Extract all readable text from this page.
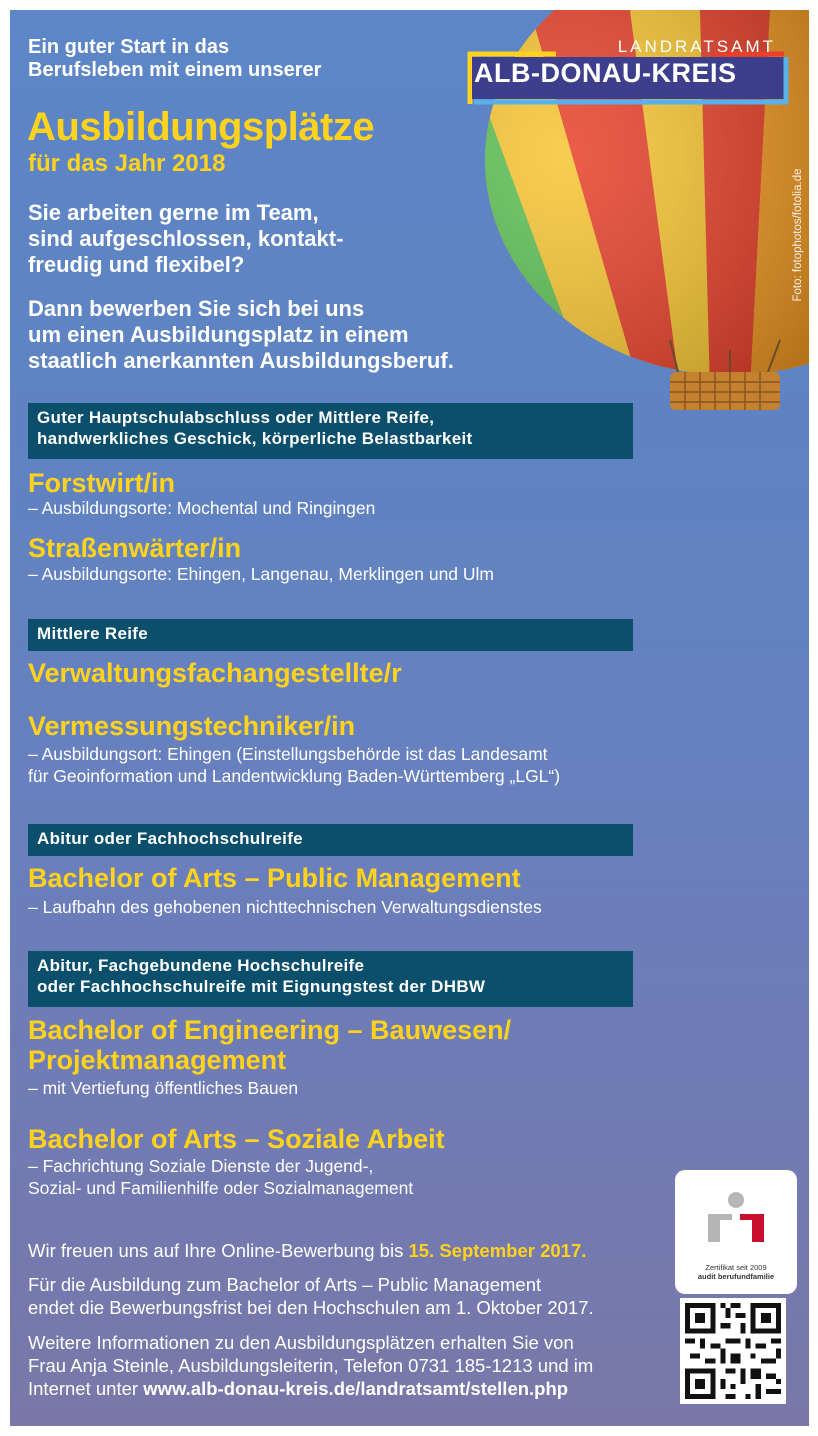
LANDRATSAMT
ALB-DONAU-KREIS
Foto: fotophotos/fotolia.de
Ein guter Start in das
Berufsleben mit einem unserer
Ausbildungsplätze
für das Jahr 2018
Sie arbeiten gerne im Team,
sind aufgeschlossen, kontakt-
freudig und flexibel?
Dann bewerben Sie sich bei uns
um einen Ausbildungsplatz in einem
staatlich anerkannten Ausbildungsberuf.
Guter Hauptschulabschluss oder Mittlere Reife,
handwerkliches Geschick, körperliche Belastbarkeit
Forstwirt/in
– Ausbildungsorte: Mochental und Ringingen
Straßenwärter/in
– Ausbildungsorte: Ehingen, Langenau, Merklingen und Ulm
Mittlere Reife
Verwaltungsfachangestellte/r
Vermessungstechniker/in
– Ausbildungsort: Ehingen (Einstellungsbehörde ist das Landesamt
für Geoinformation und Landentwicklung Baden-Württemberg „LGL“)
Abitur oder Fachhochschulreife
Bachelor of Arts – Public Management
– Laufbahn des gehobenen nichttechnischen Verwaltungsdienstes
Abitur, Fachgebundene Hochschulreife
oder Fachhochschulreife mit Eignungstest der DHBW
Bachelor of Engineering – Bauwesen/
Projektmanagement
– mit Vertiefung öffentliches Bauen
Bachelor of Arts – Soziale Arbeit
– Fachrichtung Soziale Dienste der Jugend-,
Sozial- und Familienhilfe oder Sozialmanagement
Wir freuen uns auf Ihre Online-Bewerbung bis 15. September 2017.
Für die Ausbildung zum Bachelor of Arts – Public Management
endet die Bewerbungsfrist bei den Hochschulen am 1. Oktober 2017.
Weitere Informationen zu den Ausbildungsplätzen erhalten Sie von
Frau Anja Steinle, Ausbildungsleiterin, Telefon 0731 185-1213 und im
Internet unter www.alb-donau-kreis.de/landratsamt/stellen.php
Zertifikat seit 2009
audit berufundfamilie
